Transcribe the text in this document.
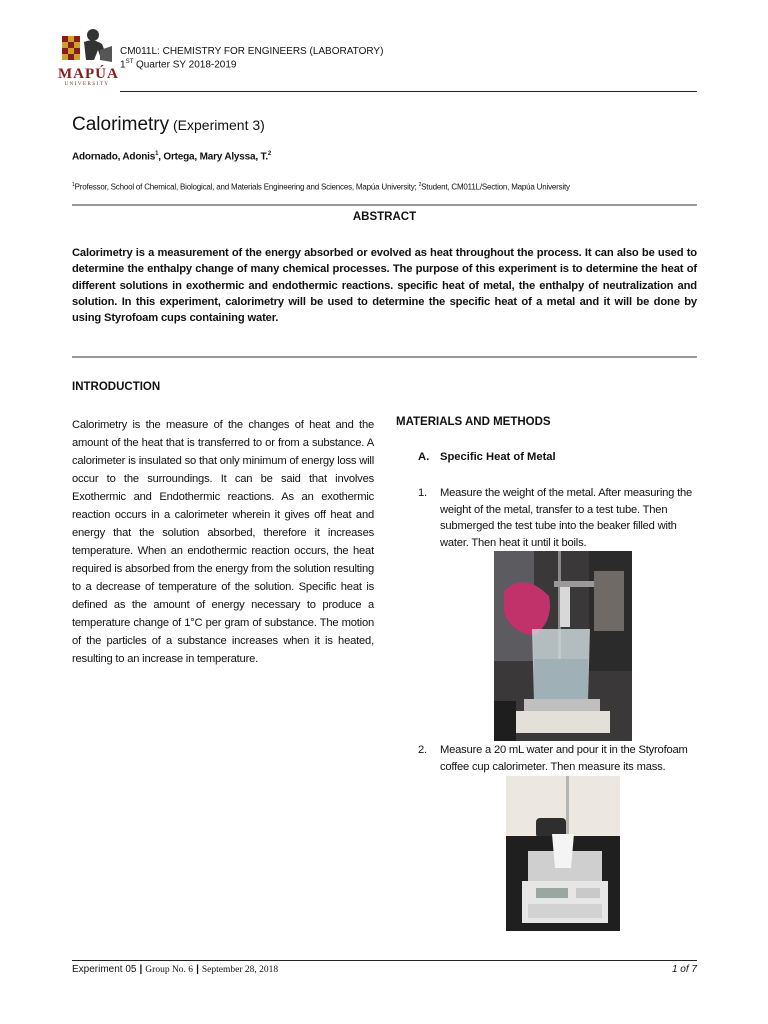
MAPÚA
UNIVERSITY
CM011L: CHEMISTRY FOR ENGINEERS (LABORATORY)
1ST Quarter SY 2018-2019
Calorimetry (Experiment 3)
Adornado, Adonis$^1$, Ortega, Mary Alyssa, T.$^2$
$^1$Professor, School of Chemical, Biological, and Materials Engineering and Sciences, Mapúa University; $^2$Student, CM011L/Section, Mapúa University
ABSTRACT
Calorimetry is a measurement of the energy absorbed or evolved as heat throughout the process. It can also be used to determine the enthalpy change of many chemical processes. The purpose of this experiment is to determine the heat of different solutions in exothermic and endothermic reactions. specific heat of metal, the enthalpy of neutralization and solution. In this experiment, calorimetry will be used to determine the specific heat of a metal and it will be done by using Styrofoam cups containing water.
INTRODUCTION
Calorimetry is the measure of the changes of heat and the amount of the heat that is transferred to or from a substance. A calorimeter is insulated so that only minimum of energy loss will occur to the surroundings. It can be said that involves Exothermic and Endothermic reactions. As an exothermic reaction occurs in a calorimeter wherein it gives off heat and energy that the solution absorbed, therefore it increases temperature. When an endothermic reaction occurs, the heat required is absorbed from the energy from the solution resulting to a decrease of temperature of the solution. Specific heat is defined as the amount of energy necessary to produce a temperature change of 1°C per gram of substance. The motion of the particles of a substance increases when it is heated, resulting to an increase in temperature.
MATERIALS AND METHODS
A. Specific Heat of Metal
1. Measure the weight of the metal. After measuring the weight of the metal, transfer to a test tube. Then submerged the test tube into the beaker filled with water. Then heat it until it boils.
2. Measure a 20 mL water and pour it in the Styrofoam coffee cup calorimeter. Then measure its mass.
Experiment 05 | Group No. 6 | September 28, 2018	1 of 7
